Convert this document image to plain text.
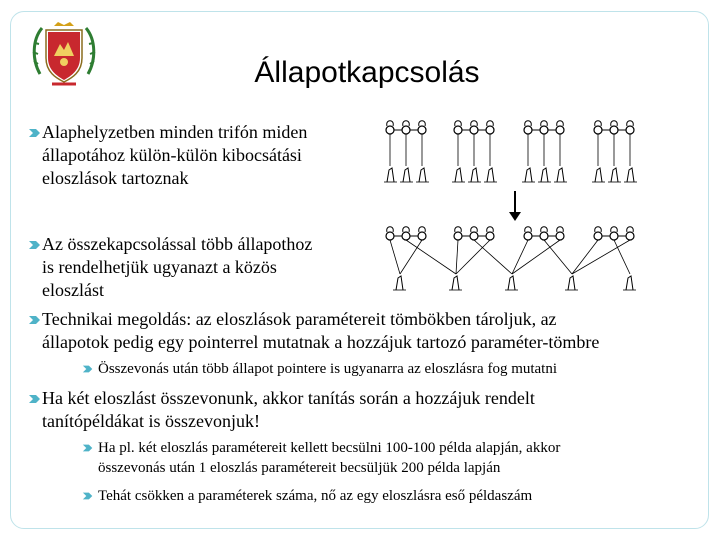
Állapotkapcsolás
Alaphelyzetben minden trifón miden
állapotához külön-külön kibocsátási
eloszlások tartoznak
Az összekapcsolással több állapothoz
is rendelhetjük ugyanazt a közös
eloszlást
Technikai megoldás: az eloszlások paramétereit tömbökben tároljuk, az
állapotok pedig egy pointerrel mutatnak a hozzájuk tartozó paraméter-tömbre
Összevonás után több állapot pointere is ugyanarra az eloszlásra fog mutatni
Ha két eloszlást összevonunk, akkor tanítás során a hozzájuk rendelt
tanítópéldákat is összevonjuk!
Ha pl. két eloszlás paramétereit kellett becsülni 100-100 példa alapján, akkor
összevonás után 1 eloszlás paramétereit becsüljük 200 példa lapján
Tehát csökken a paraméterek száma, nő az egy eloszlásra eső példaszám
